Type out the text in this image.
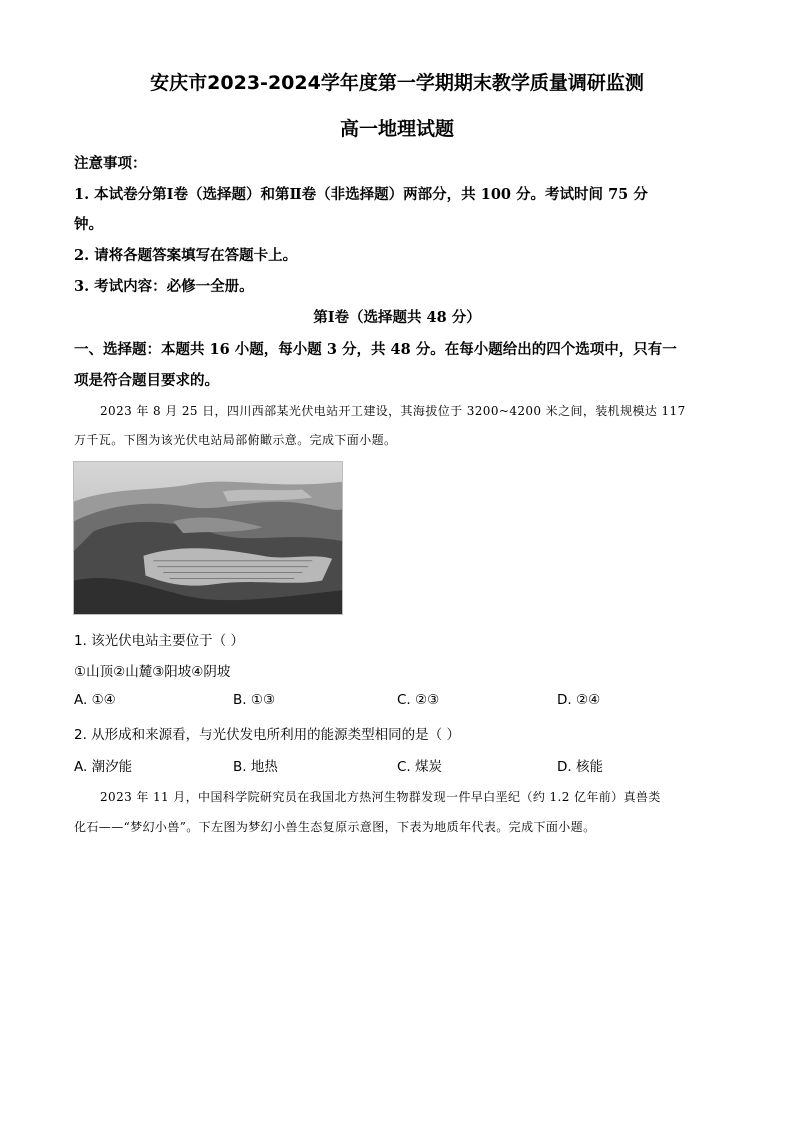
安庆市2023-2024学年度第一学期期末教学质量调研监测
高一地理试题
注意事项：
1. 本试卷分第Ⅰ卷（选择题）和第Ⅱ卷（非选择题）两部分，共 100 分。考试时间 75 分
钟。
2. 请将各题答案填写在答题卡上。
3. 考试内容：必修一全册。
第Ⅰ卷（选择题共 48 分）
一、选择题：本题共 16 小题，每小题 3 分，共 48 分。在每小题给出的四个选项中，只有一
项是符合题目要求的。
2023 年 8 月 25 日，四川西部某光伏电站开工建设，其海拔位于 3200~4200 米之间，装机规模达 117
万千瓦。下图为该光伏电站局部俯瞰示意。完成下面小题。
1. 该光伏电站主要位于（ ）
①山顶②山麓③阳坡④阴坡
A. ①④	B. ①③	C. ②③	D. ②④
2. 从形成和来源看，与光伏发电所利用的能源类型相同的是（ ）
A. 潮汐能	B. 地热	C. 煤炭	D. 核能
2023 年 11 月，中国科学院研究员在我国北方热河生物群发现一件早白垩纪（约 1.2 亿年前）真兽类
化石——“梦幻小兽”。下左图为梦幻小兽生态复原示意图，下表为地质年代表。完成下面小题。
